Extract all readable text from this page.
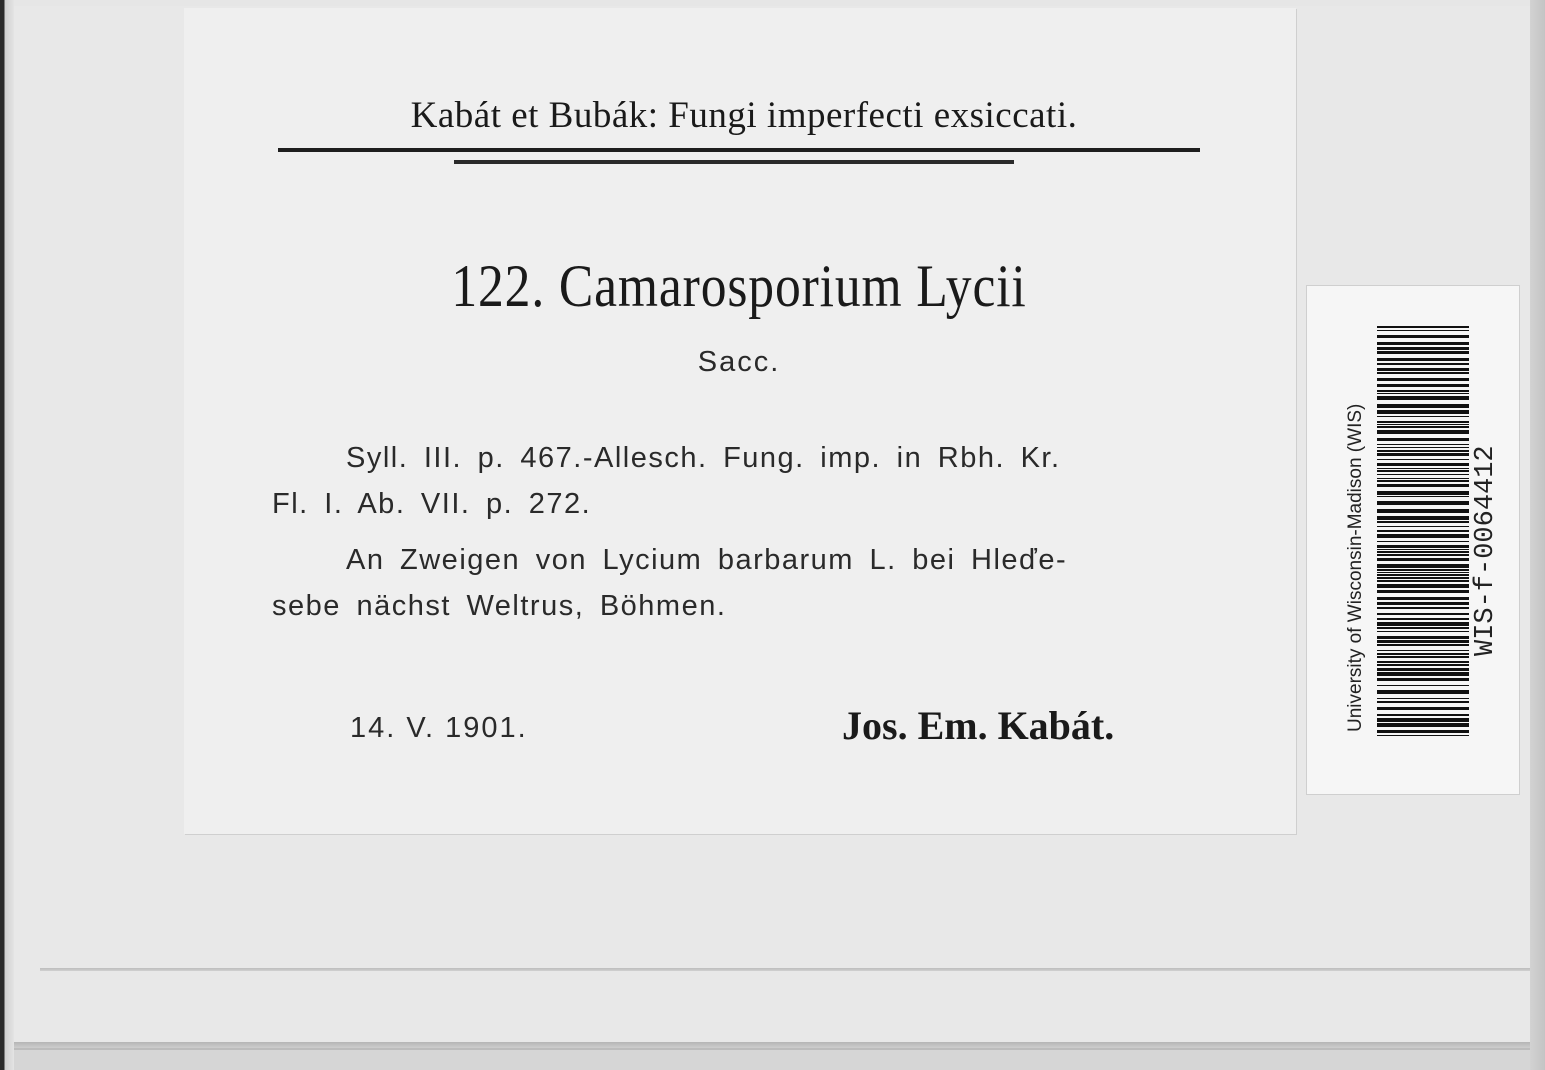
Kabát et Bubák: Fungi imperfecti exsiccati.
122. Camarosporium Lycii
Sacc.
Syll. III. p. 467.-Allesch. Fung. imp. in Rbh. Kr.
Fl. I. Ab. VII. p. 272.
An Zweigen von Lycium barbarum L. bei Hleďe-
sebe nächst Weltrus, Böhmen.
14. V. 1901.	Jos. Em. Kabát.	University of Wisconsin-Madison (WIS)	WIS-f-0064412
